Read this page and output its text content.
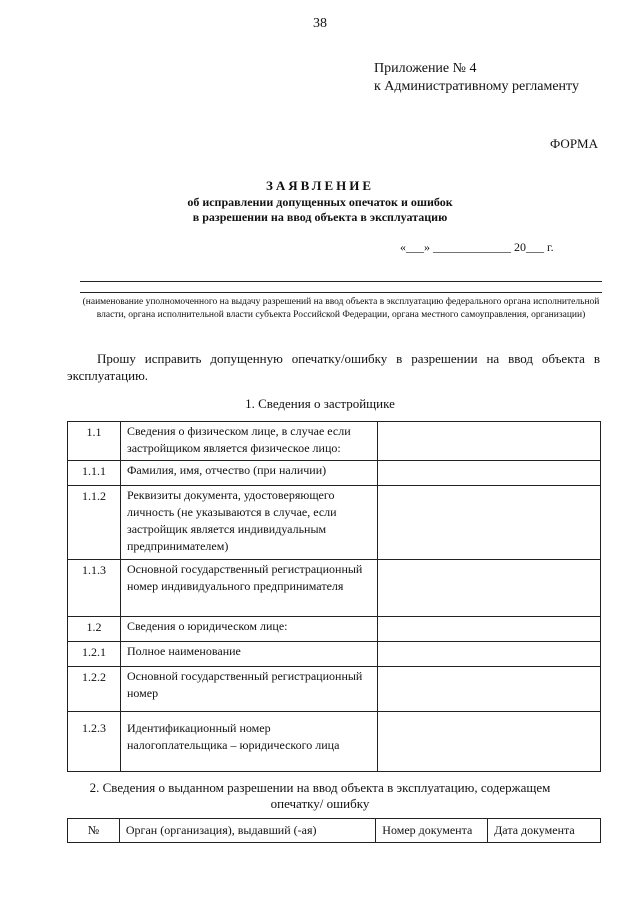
38
Приложение № 4
к Административному регламенту
ФОРМА
ЗАЯВЛЕНИЕ
об исправлении допущенных опечаток и ошибок
в разрешении на ввод объекта в эксплуатацию
«___» _____________ 20___ г.
(наименование уполномоченного на выдачу разрешений на ввод объекта в эксплуатацию федерального органа исполнительной власти, органа исполнительной власти субъекта Российской Федерации, органа местного самоуправления, организации)
Прошу исправить допущенную опечатку/ошибку в разрешении на ввод объекта в эксплуатацию.
1. Сведения о застройщике
1.1	Сведения о физическом лице, в случае если застройщиком является физическое лицо:	
1.1.1	Фамилия, имя, отчество (при наличии)	
1.1.2	Реквизиты документа, удостоверяющего личность (не указываются в случае, если застройщик является индивидуальным предпринимателем)	
1.1.3	Основной государственный регистрационный номер индивидуального предпринимателя	
1.2	Сведения о юридическом лице:	
1.2.1	Полное наименование	
1.2.2	Основной государственный регистрационный номер	
1.2.3	Идентификационный номер налогоплательщика – юридического лица	
2. Сведения о выданном разрешении на ввод объекта в эксплуатацию, содержащем
опечатку/ ошибку
№	Орган (организация), выдавший (-ая)	Номер документа	Дата документа
